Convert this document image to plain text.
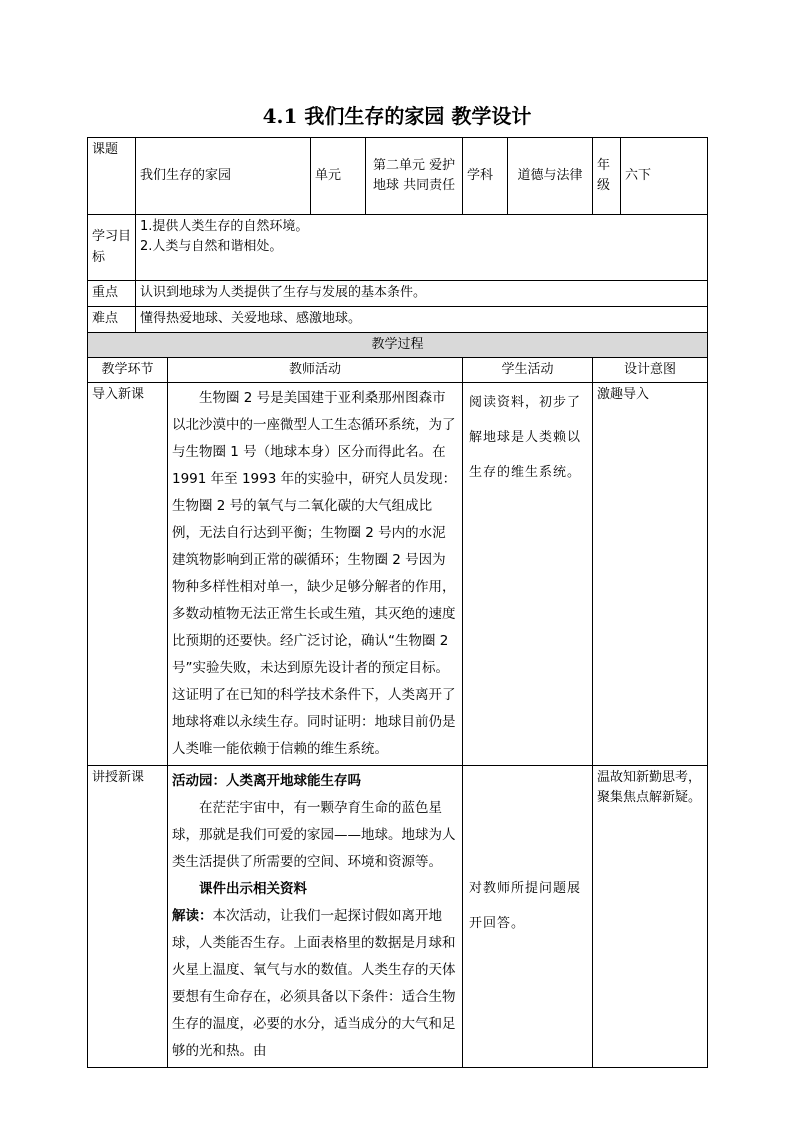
4.1 我们生存的家园 教学设计
课题	我们生存的家园		单元	第二单元 爱护地球 共同责任	学科	道德与法律	年级	六下
学习目标	1.提供人类生存的自然环境。

2.人类与自然和谐相处。							

重点	认识到地球为人类提供了生存与发展的基本条件。							
难点	懂得热爱地球、关爱地球、感激地球。							
教学过程								
教学环节		教师活动			学生活动		设计意图	
导入新课		生物圈 2 号是美国建于亚利桑那州图森市以北沙漠中的一座微型人工生态循环系统，为了与生物圈 1 号（地球本身）区分而得此名。在 1991 年至 1993 年的实验中，研究人员发现：生物圈 2 号的氧气与二氧化碳的大气组成比例，无法自行达到平衡；生物圈 2 号内的水泥建筑物影响到正常的碳循环；生物圈 2 号因为物种多样性相对单一，缺少足够分解者的作用，多数动植物无法正常生长或生殖，其灭绝的速度比预期的还要快。经广泛讨论，确认“生物圈 2 号”实验失败，未达到原先设计者的预定目标。这证明了在已知的科学技术条件下，人类离开了地球将难以永续生存。同时证明：地球目前仍是人类唯一能依赖于信赖的维生系统。			阅读资料，初步了解地球是人类赖以生存的维生系统。		激趣导入	
讲授新课		活动园：人类离开地球能生存吗

在茫茫宇宙中，有一颗孕育生命的蓝色星球，那就是我们可爱的家园——地球。地球为人类生活提供了所需要的空间、环境和资源等。

课件出示相关资料

解读：本次活动，让我们一起探讨假如离开地球，人类能否生存。上面表格里的数据是月球和火星上温度、氧气与水的数值。人类生存的天体要想有生命存在，必须具备以下条件：适合生物生存的温度，必要的水分，适当成分的大气和足够的光和热。由			对教师所提问题展开回答。		温故知新勤思考，聚集焦点解新疑。	
